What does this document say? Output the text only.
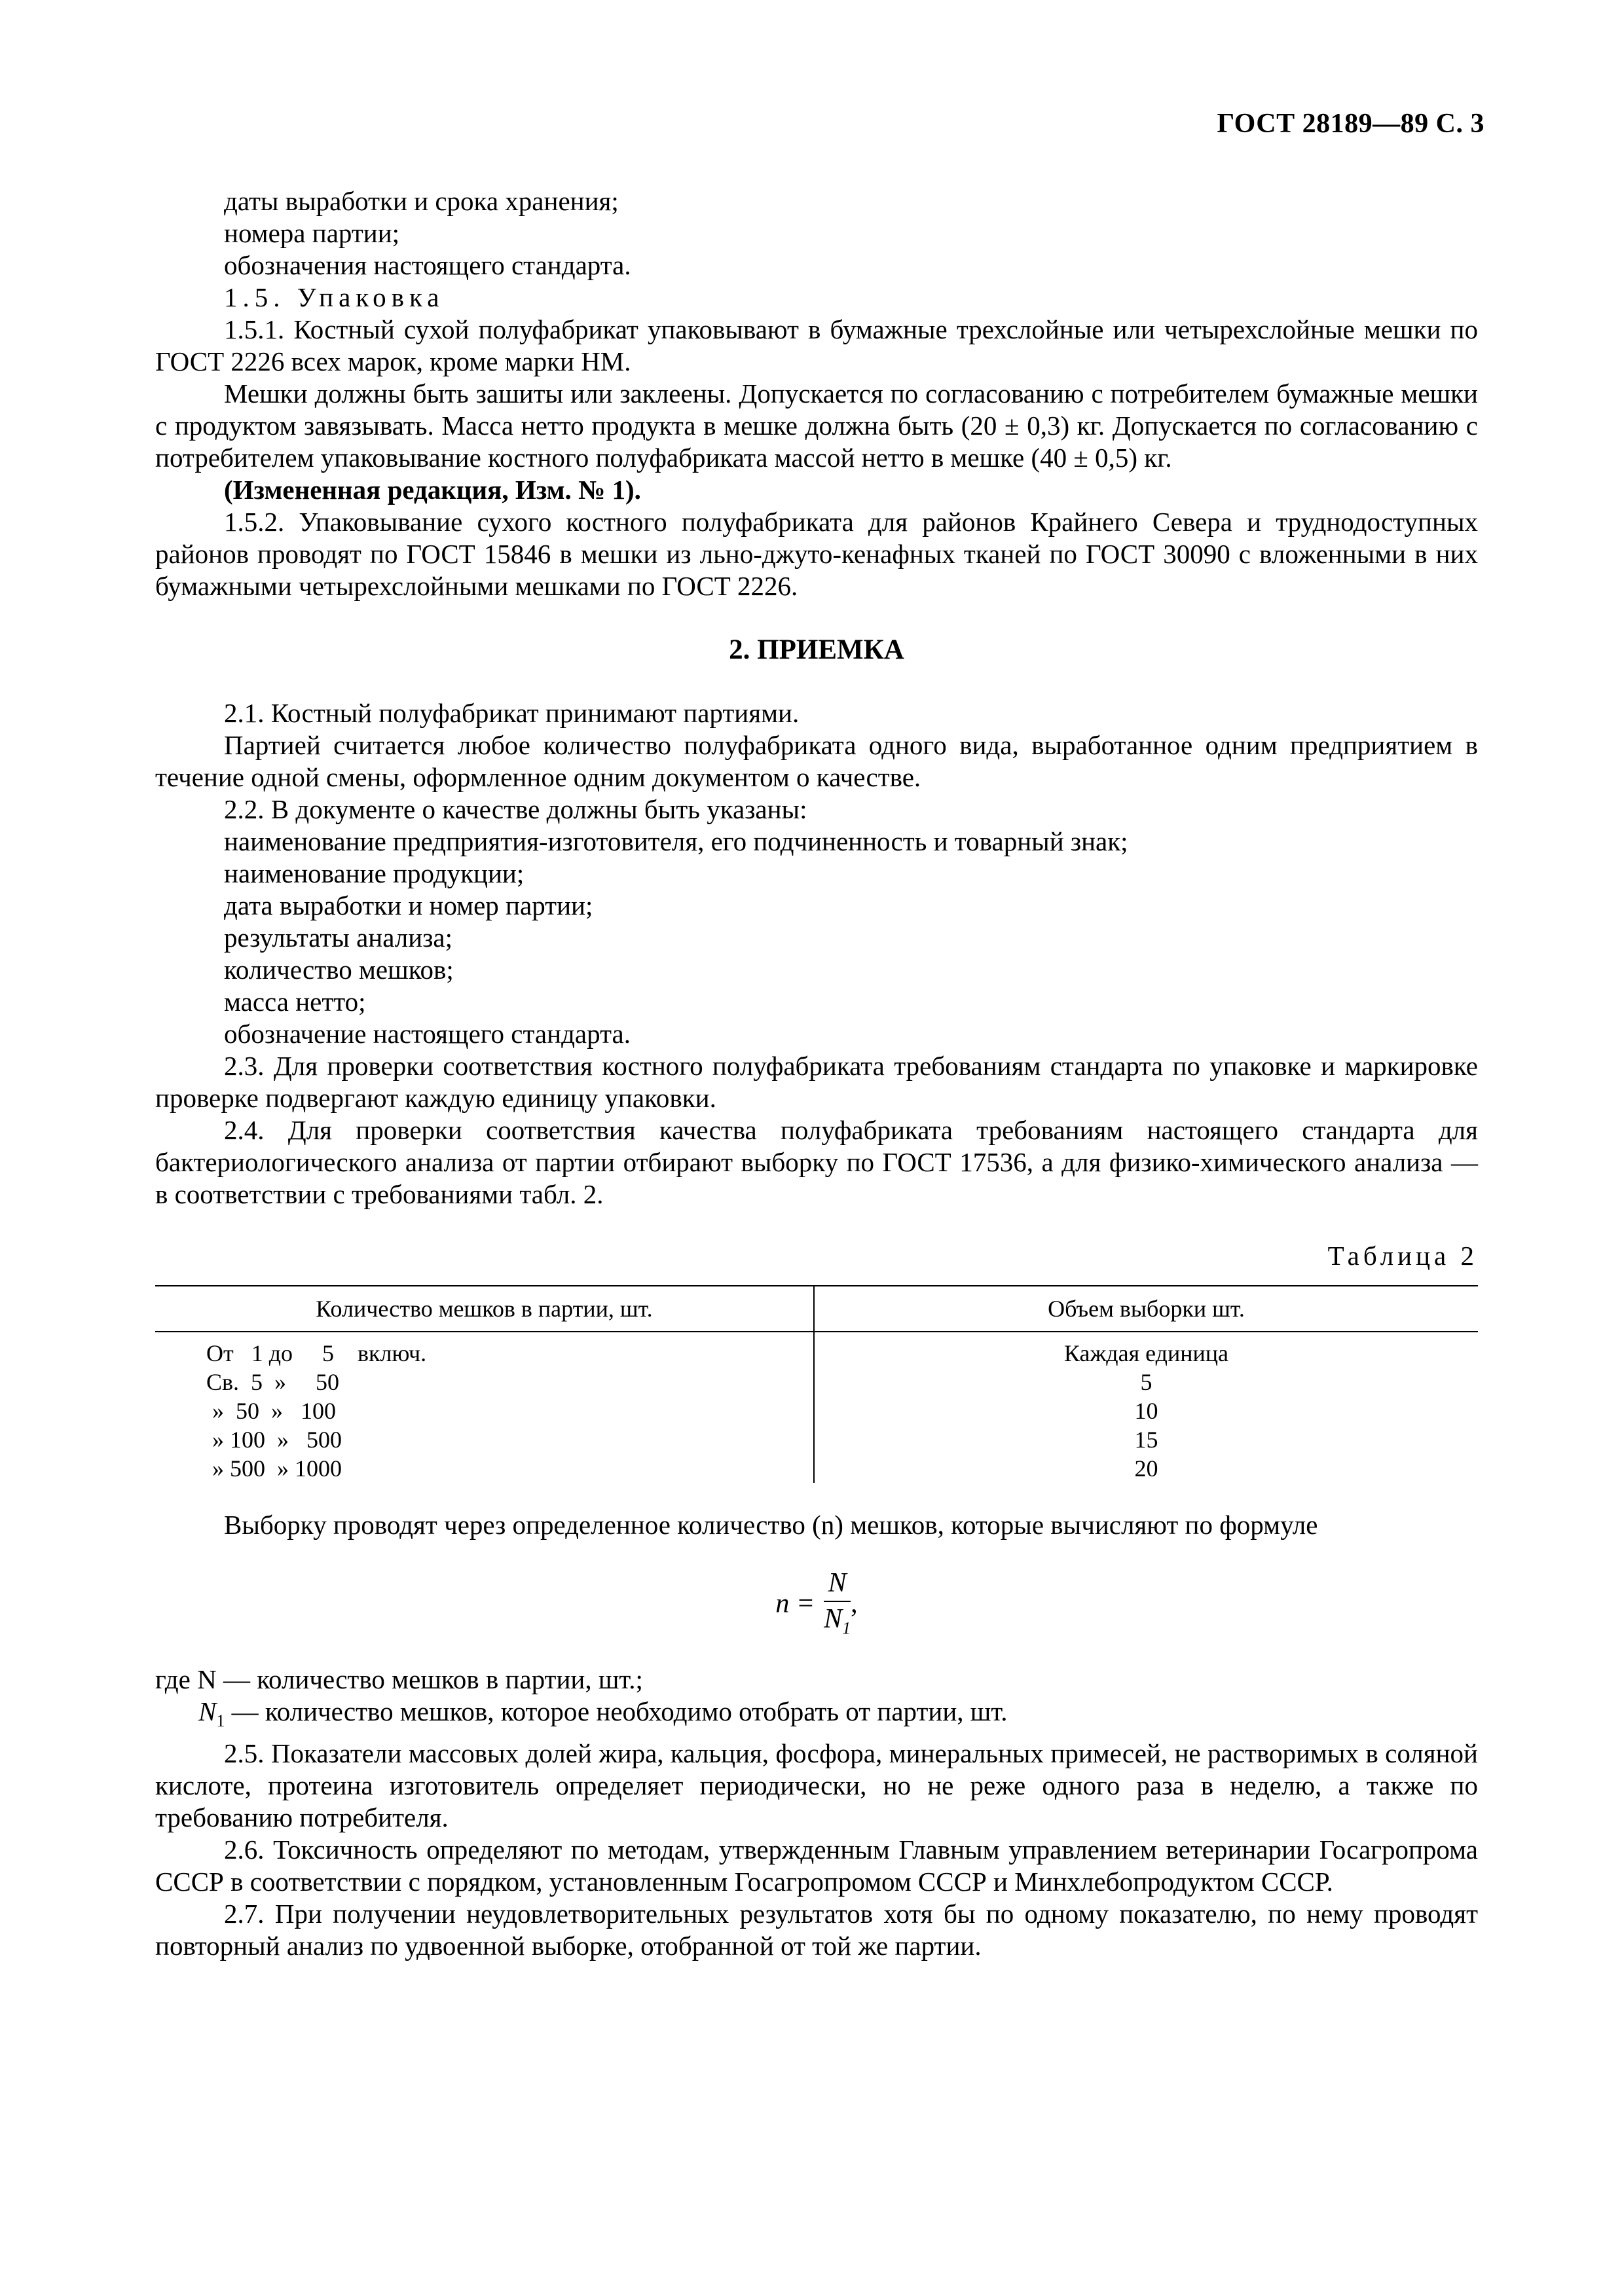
ГОСТ 28189—89 С. 3

даты выработки и срока хранения;

номера партии;

обозначения настоящего стандарта.

1.5. Упаковка

1.5.1. Костный сухой полуфабрикат упаковывают в бумажные трехслойные или четырехслойные мешки по ГОСТ 2226 всех марок, кроме марки НМ.

Мешки должны быть зашиты или заклеены. Допускается по согласованию с потребителем бумажные мешки с продуктом завязывать. Масса нетто продукта в мешке должна быть (20 ± 0,3) кг. Допускается по согласованию с потребителем упаковывание костного полуфабриката массой нетто в мешке (40 ± 0,5) кг.

(Измененная редакция, Изм. № 1).

1.5.2. Упаковывание сухого костного полуфабриката для районов Крайнего Севера и труднодоступных районов проводят по ГОСТ 15846 в мешки из льно-джуто-кенафных тканей по ГОСТ 30090 с вложенными в них бумажными четырехслойными мешками по ГОСТ 2226.

2. ПРИЕМКА

2.1. Костный полуфабрикат принимают партиями.

Партией считается любое количество полуфабриката одного вида, выработанное одним предприятием в течение одной смены, оформленное одним документом о качестве.

2.2. В документе о качестве должны быть указаны:

наименование предприятия-изготовителя, его подчиненность и товарный знак;

наименование продукции;

дата выработки и номер партии;

результаты анализа;

количество мешков;

масса нетто;

обозначение настоящего стандарта.

2.3. Для проверки соответствия костного полуфабриката требованиям стандарта по упаковке и маркировке проверке подвергают каждую единицу упаковки.

2.4. Для проверки соответствия качества полуфабриката требованиям настоящего стандарта для бактериологического анализа от партии отбирают выборку по ГОСТ 17536, а для физико-химического анализа — в соответствии с требованиями табл. 2.

Таблица 2
Количество мешков в партии, шт.	Объем выборки шт.
От   1 до     5    включ.	Каждая единица
Св.  5  »     50	5
»  50  »   100	10
» 100  »   500	15
» 500  » 1000	20

Выборку проводят через определенное количество (n) мешков, которые вычисляют по формуле

$n = \frac{N}{N_1}$ ,

где N — количество мешков в партии, шт.;

$N_1$ — количество мешков, которое необходимо отобрать от партии, шт.

2.5. Показатели массовых долей жира, кальция, фосфора, минеральных примесей, не растворимых в соляной кислоте, протеина изготовитель определяет периодически, но не реже одного раза в неделю, а также по требованию потребителя.

2.6. Токсичность определяют по методам, утвержденным Главным управлением ветеринарии Госагропрома СССР в соответствии с порядком, установленным Госагропромом СССР и Минхлебопродуктом СССР.

2.7. При получении неудовлетворительных результатов хотя бы по одному показателю, по нему проводят повторный анализ по удвоенной выборке, отобранной от той же партии.
